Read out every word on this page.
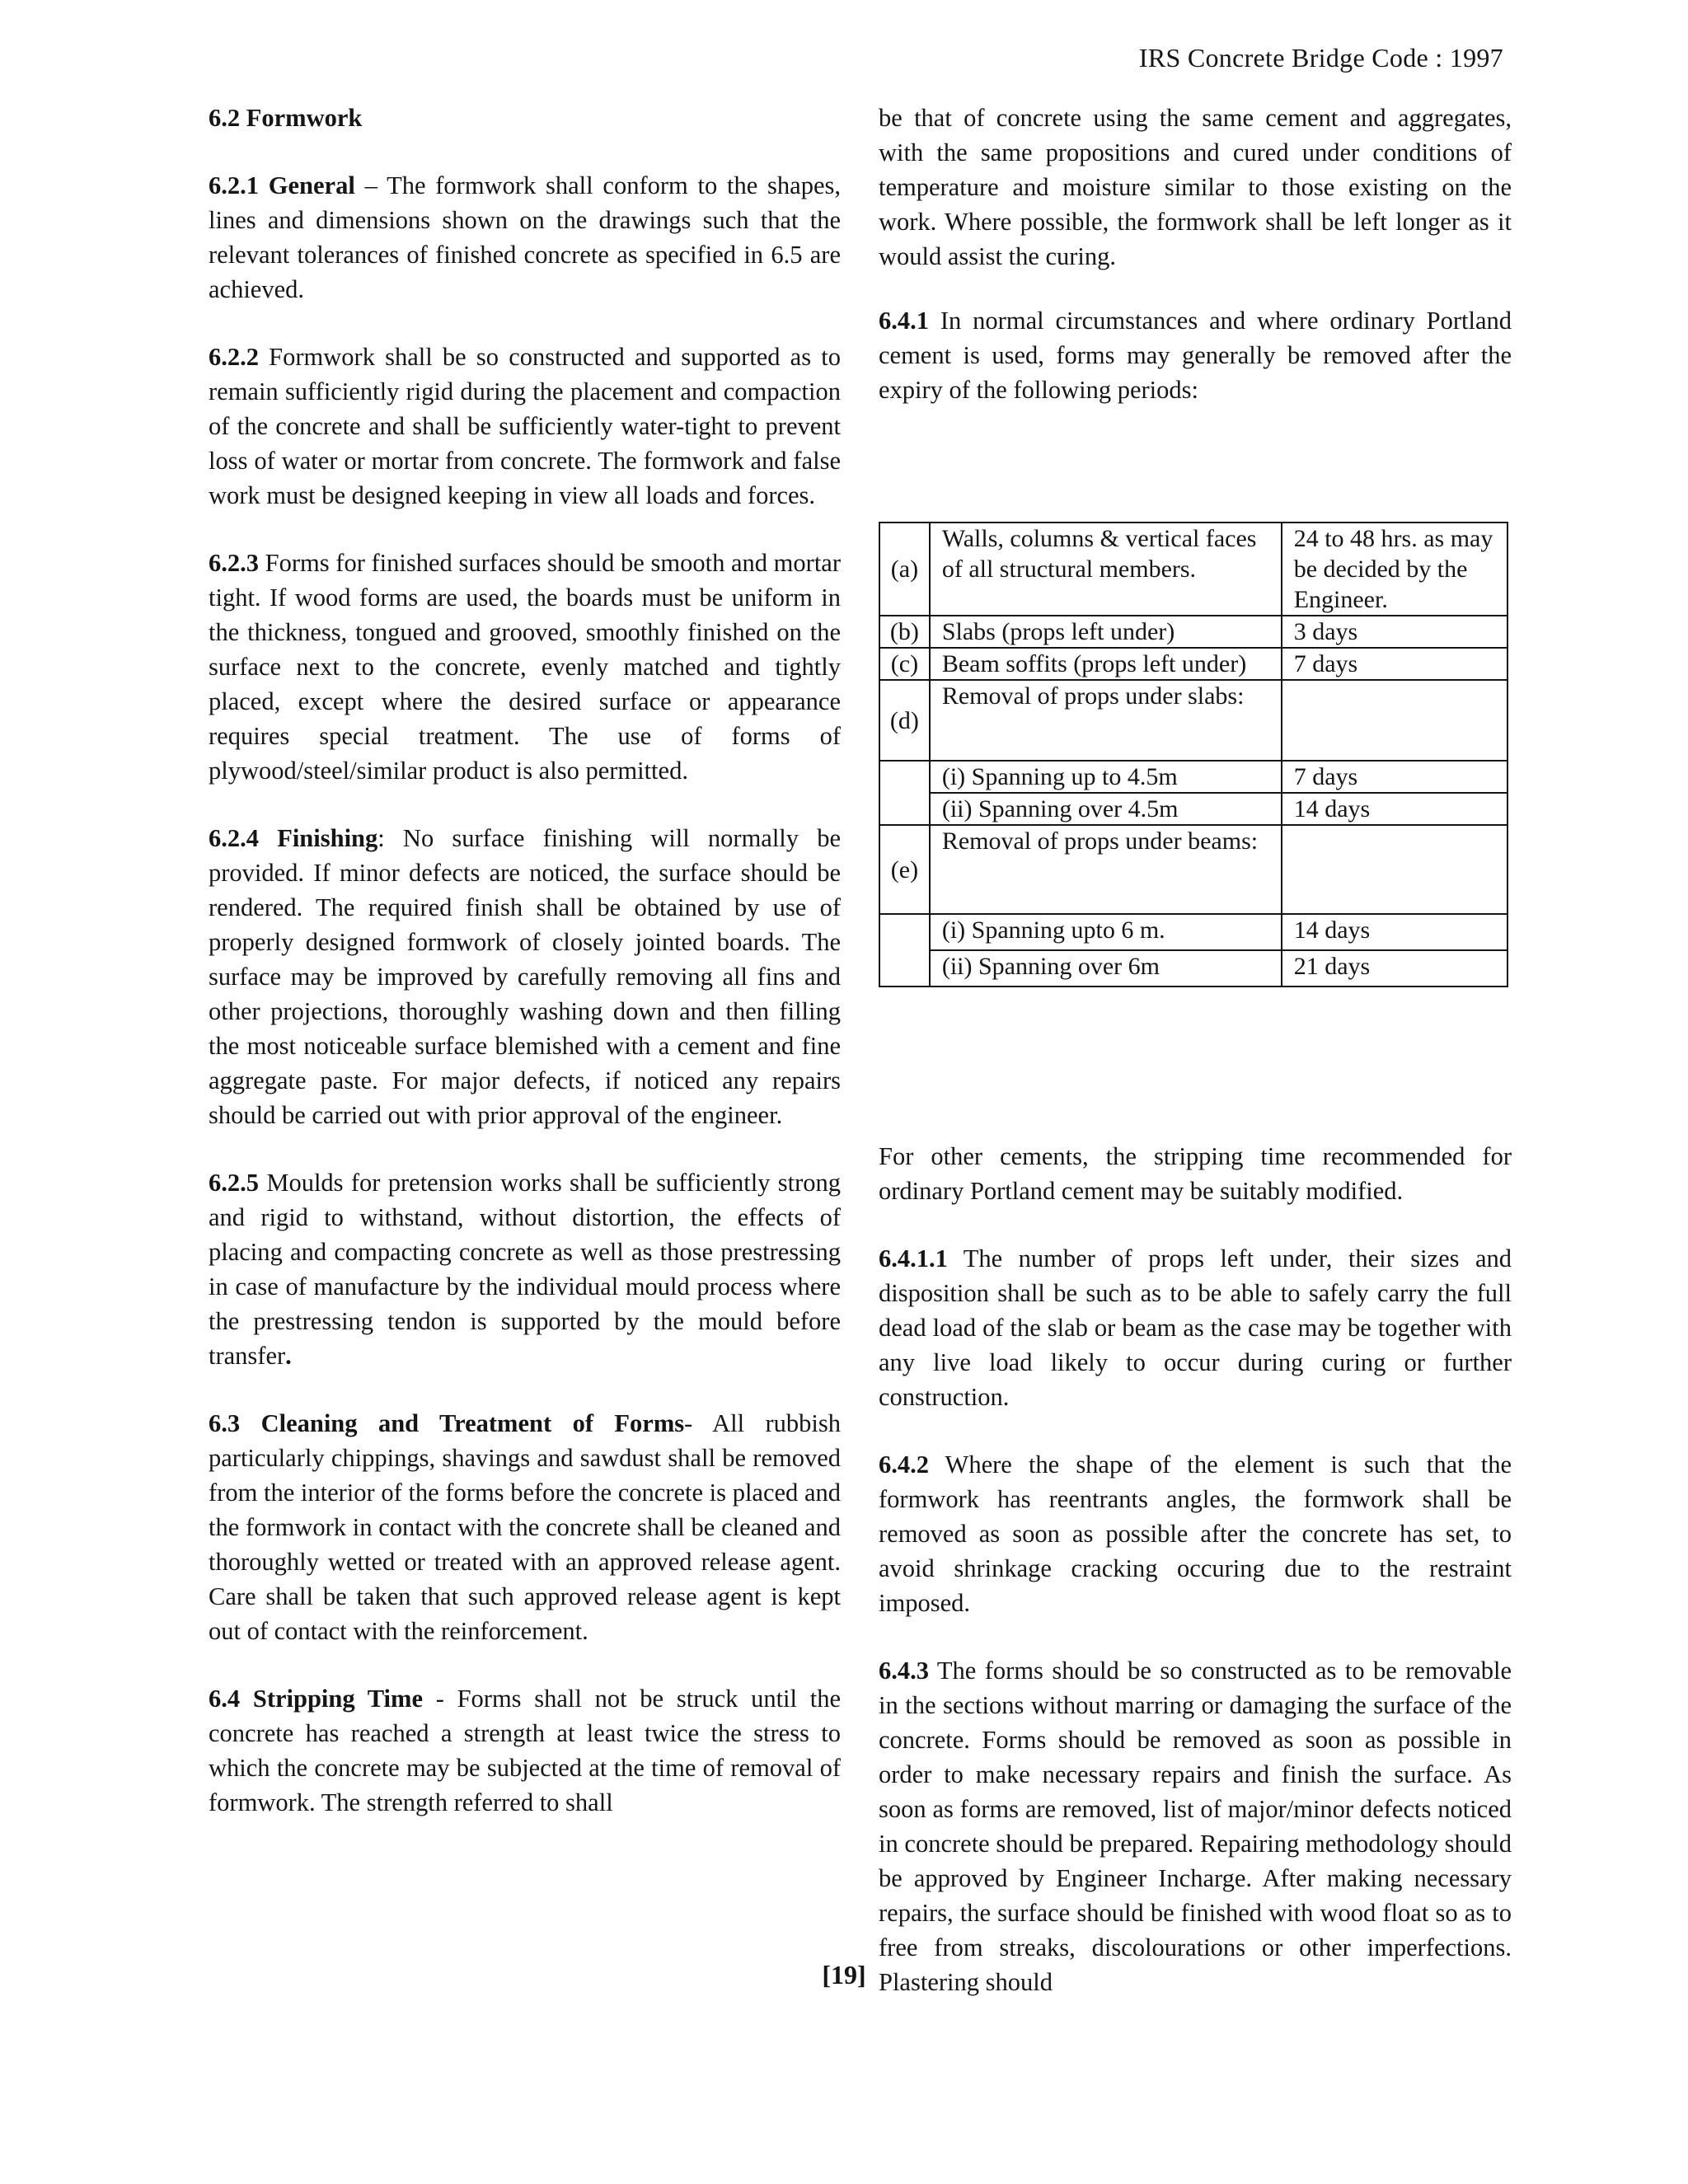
IRS Concrete Bridge Code : 1997
6.2 Formwork

6.2.1 General – The formwork shall conform to the shapes, lines and dimensions shown on the drawings such that the relevant tolerances of finished concrete as specified in 6.5 are achieved.

6.2.2 Formwork shall be so constructed and supported as to remain sufficiently rigid during the placement and compaction of the concrete and shall be sufficiently water-tight to prevent loss of water or mortar from concrete. The formwork and false work must be designed keeping in view all loads and forces.

6.2.3 Forms for finished surfaces should be smooth and mortar tight. If wood forms are used, the boards must be uniform in the thickness, tongued and grooved, smoothly finished on the surface next to the concrete, evenly matched and tightly placed, except where the desired surface or appearance requires special treatment. The use of forms of plywood/steel/similar product is also permitted.

6.2.4 Finishing: No surface finishing will normally be provided. If minor defects are noticed, the surface should be rendered. The required finish shall be obtained by use of properly designed formwork of closely jointed boards. The surface may be improved by carefully removing all fins and other projections, thoroughly washing down and then filling the most noticeable surface blemished with a cement and fine aggregate paste. For major defects, if noticed any repairs should be carried out with prior approval of the engineer.

6.2.5 Moulds for pretension works shall be sufficiently strong and rigid to withstand, without distortion, the effects of placing and compacting concrete as well as those prestressing in case of manufacture by the individual mould process where the prestressing tendon is supported by the mould before transfer.

6.3 Cleaning and Treatment of Forms- All rubbish particularly chippings, shavings and sawdust shall be removed from the interior of the forms before the concrete is placed and the formwork in contact with the concrete shall be cleaned and thoroughly wetted or treated with an approved release agent. Care shall be taken that such approved release agent is kept out of contact with the reinforcement.

6.4 Stripping Time - Forms shall not be struck until the concrete has reached a strength at least twice the stress to which the concrete may be subjected at the time of removal of formwork. The strength referred to shall

be that of concrete using the same cement and aggregates, with the same propositions and cured under conditions of temperature and moisture similar to those existing on the work. Where possible, the formwork shall be left longer as it would assist the curing.

6.4.1 In normal circumstances and where ordinary Portland cement is used, forms may generally be removed after the expiry of the following periods:

(a)	Walls, columns & vertical faces of all structural members.	24 to 48 hrs. as may be decided by the Engineer.
(b)	Slabs (props left under)	3 days
(c)	Beam soffits (props left under)	7 days
(d)	Removal of props under slabs:	
	(i) Spanning up to 4.5m	7 days
	(ii) Spanning over 4.5m	14 days
(e)	Removal of props under beams:	
	(i) Spanning upto 6 m.	14 days
	(ii) Spanning over 6m	21 days

For other cements, the stripping time recommended for ordinary Portland cement may be suitably modified.

6.4.1.1 The number of props left under, their sizes and disposition shall be such as to be able to safely carry the full dead load of the slab or beam as the case may be together with any live load likely to occur during curing or further construction.

6.4.2 Where the shape of the element is such that the formwork has reentrants angles, the formwork shall be removed as soon as possible after the concrete has set, to avoid shrinkage cracking occuring due to the restraint imposed.

6.4.3 The forms should be so constructed as to be removable in the sections without marring or damaging the surface of the concrete. Forms should be removed as soon as possible in order to make necessary repairs and finish the surface. As soon as forms are removed, list of major/minor defects noticed in concrete should be prepared. Repairing methodology should be approved by Engineer Incharge. After making necessary repairs, the surface should be finished with wood float so as to free from streaks, discolourations or other imperfections. Plastering should

[19]
